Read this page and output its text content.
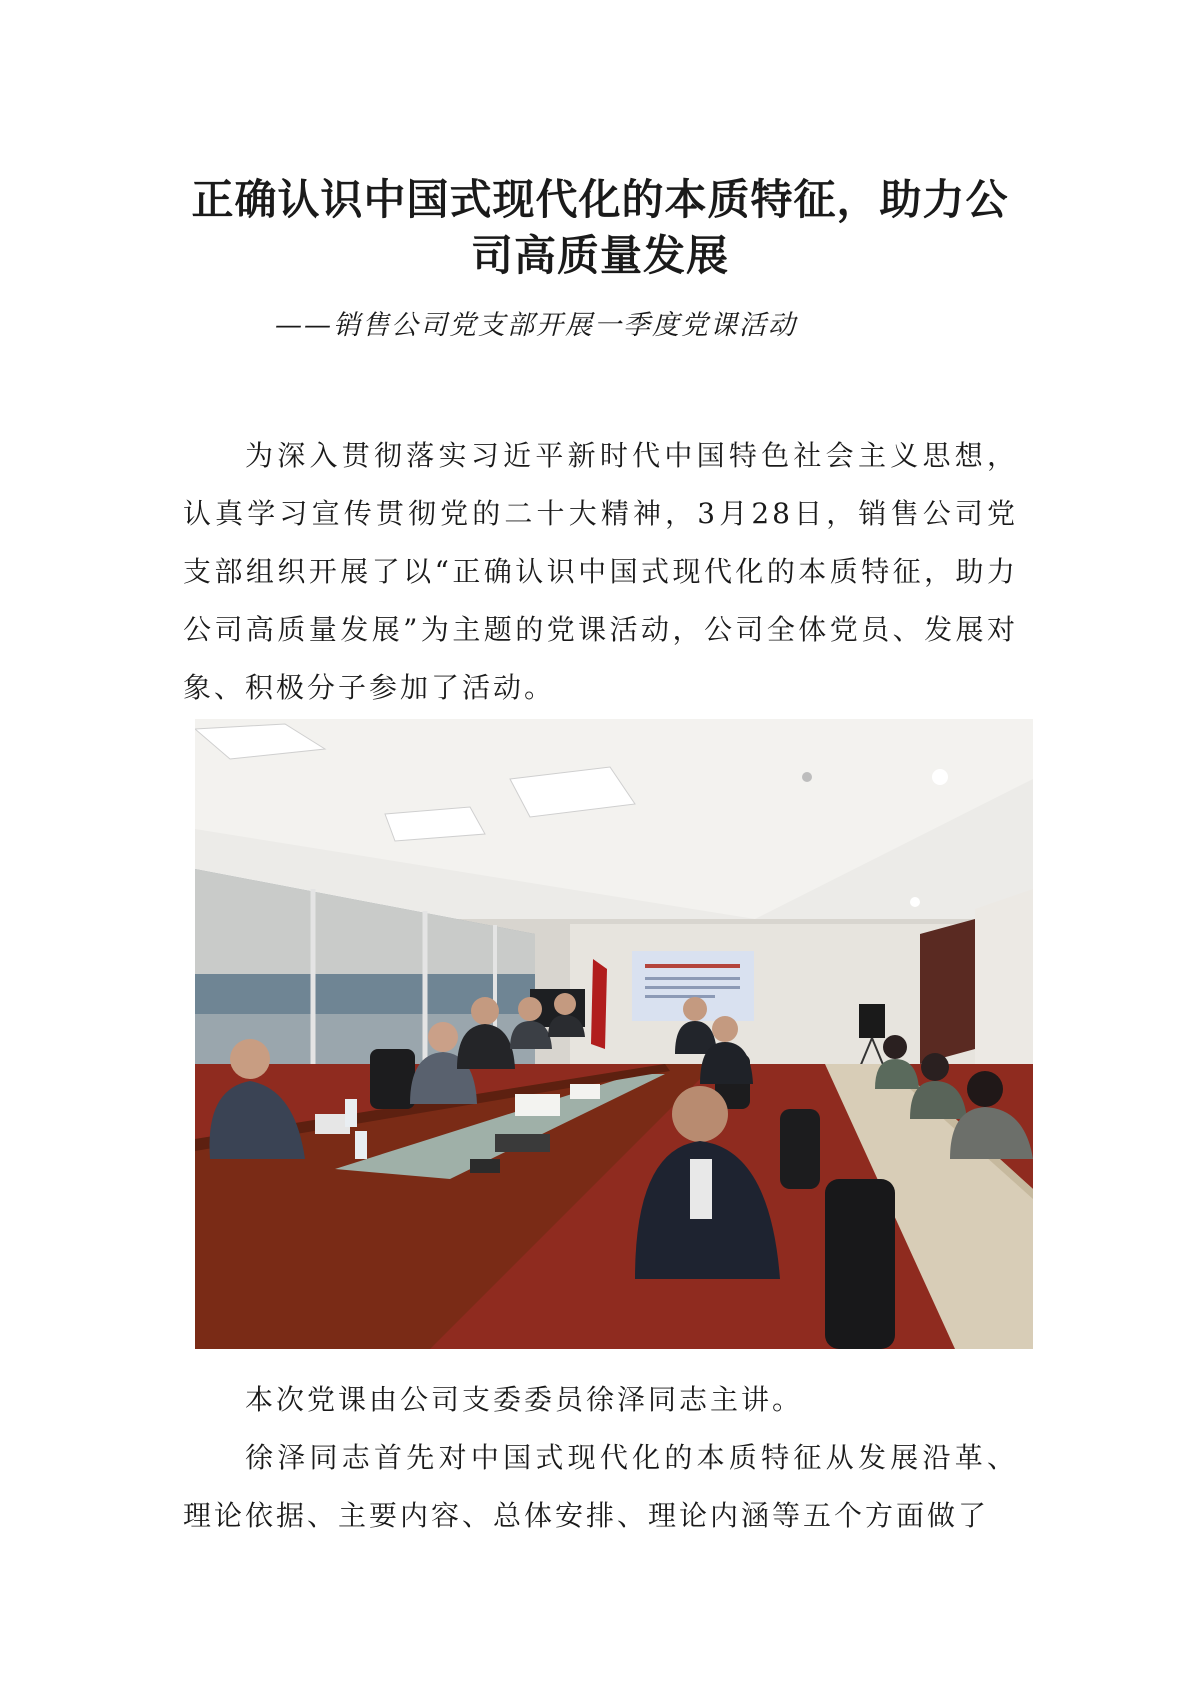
正确认识中国式现代化的本质特征，助力公司高质量发展

——销售公司党支部开展一季度党课活动

为深入贯彻落实习近平新时代中国特色社会主义思想，认真学习宣传贯彻党的二十大精神，3月28日，销售公司党支部组织开展了以“正确认识中国式现代化的本质特征，助力公司高质量发展”为主题的党课活动，公司全体党员、发展对象、积极分子参加了活动。

本次党课由公司支委委员徐泽同志主讲。

徐泽同志首先对中国式现代化的本质特征从发展沿革、理论依据、主要内容、总体安排、理论内涵等五个方面做了
